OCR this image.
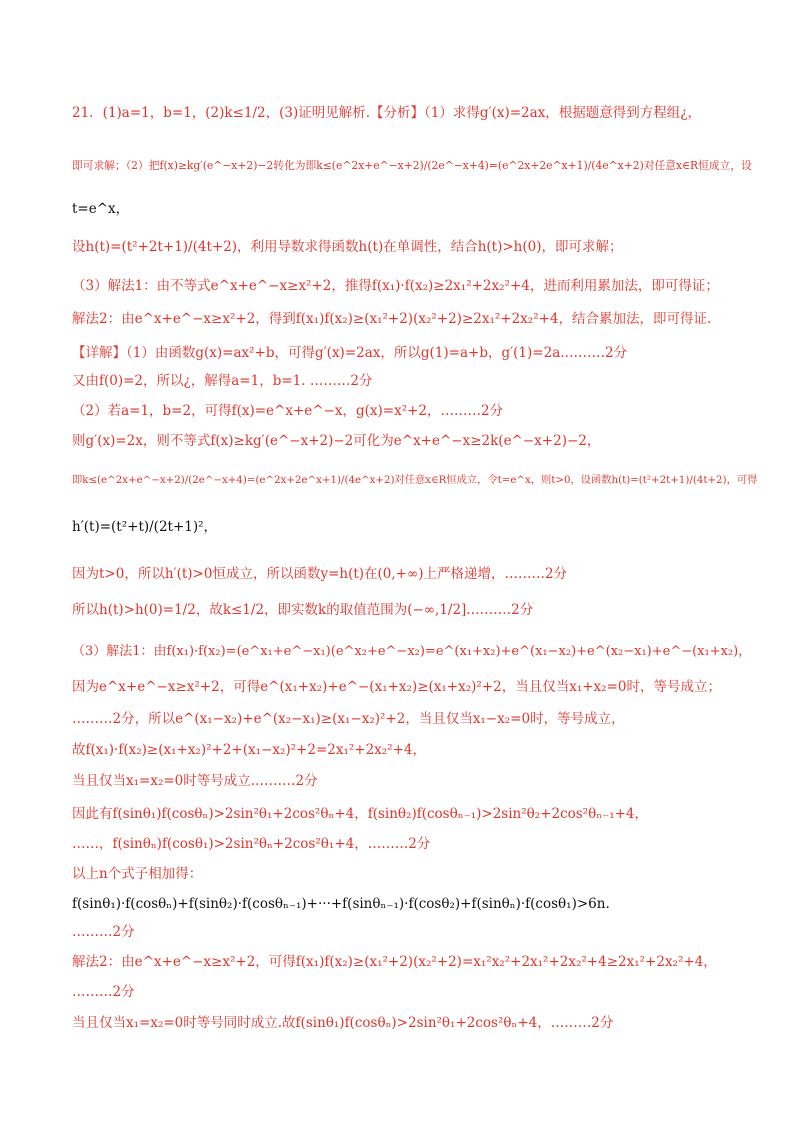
21．(1)a=1，b=1，(2)k≤1/2，(3)证明见解析.【分析】（1）求得g′(x)=2ax，根据题意得到方程组¿，
即可求解；（2）把f(x)≥kg′(e^−x+2)−2转化为即k≤(e^2x+e^−x+2)/(2e^−x+4)=(e^2x+2e^x+1)/(4e^x+2)对任意x∈R恒成立，设
t=e^x，
设h(t)=(t²+2t+1)/(4t+2)，利用导数求得函数h(t)在单调性，结合h(t)>h(0)，即可求解；
（3）解法1：由不等式e^x+e^−x≥x²+2，推得f(x₁)·f(x₂)≥2x₁²+2x₂²+4，进而利用累加法，即可得证；
解法2：由e^x+e^−x≥x²+2，得到f(x₁)f(x₂)≥(x₁²+2)(x₂²+2)≥2x₁²+2x₂²+4，结合累加法，即可得证.
【详解】（1）由函数g(x)=ax²+b，可得g′(x)=2ax，所以g(1)=a+b，g′(1)=2a.………2分
又由f(0)=2，所以¿，解得a=1，b=1. ………2分
（2）若a=1，b=2，可得f(x)=e^x+e^−x，g(x)=x²+2，………2分
则g′(x)=2x，则不等式f(x)≥kg′(e^−x+2)−2可化为e^x+e^−x≥2k(e^−x+2)−2，
即k≤(e^2x+e^−x+2)/(2e^−x+4)=(e^2x+2e^x+1)/(4e^x+2)对任意x∈R恒成立，令t=e^x，则t>0，设函数h(t)=(t²+2t+1)/(4t+2)，可得
h′(t)=(t²+t)/(2t+1)²，
因为t>0，所以h′(t)>0恒成立，所以函数y=h(t)在(0,+∞)上严格递增，………2分
所以h(t)>h(0)=1/2，故k≤1/2，即实数k的取值范围为(−∞,1/2].………2分
（3）解法1：由f(x₁)·f(x₂)=(e^x₁+e^−x₁)(e^x₂+e^−x₂)=e^(x₁+x₂)+e^(x₁−x₂)+e^(x₂−x₁)+e^−(x₁+x₂)，
因为e^x+e^−x≥x²+2，可得e^(x₁+x₂)+e^−(x₁+x₂)≥(x₁+x₂)²+2，当且仅当x₁+x₂=0时，等号成立；
………2分，所以e^(x₁−x₂)+e^(x₂−x₁)≥(x₁−x₂)²+2，当且仅当x₁−x₂=0时，等号成立，
故f(x₁)·f(x₂)≥(x₁+x₂)²+2+(x₁−x₂)²+2=2x₁²+2x₂²+4，
当且仅当x₁=x₂=0时等号成立.………2分
因此有f(sinθ₁)f(cosθₙ)>2sin²θ₁+2cos²θₙ+4，f(sinθ₂)f(cosθₙ₋₁)>2sin²θ₂+2cos²θₙ₋₁+4，
……，f(sinθₙ)f(cosθ₁)>2sin²θₙ+2cos²θ₁+4，………2分
以上n个式子相加得：
f(sinθ₁)·f(cosθₙ)+f(sinθ₂)·f(cosθₙ₋₁)+···+f(sinθₙ₋₁)·f(cosθ₂)+f(sinθₙ)·f(cosθ₁)>6n.
………2分
解法2：由e^x+e^−x≥x²+2，可得f(x₁)f(x₂)≥(x₁²+2)(x₂²+2)=x₁²x₂²+2x₁²+2x₂²+4≥2x₁²+2x₂²+4，
………2分
当且仅当x₁=x₂=0时等号同时成立.故f(sinθ₁)f(cosθₙ)>2sin²θ₁+2cos²θₙ+4，………2分
